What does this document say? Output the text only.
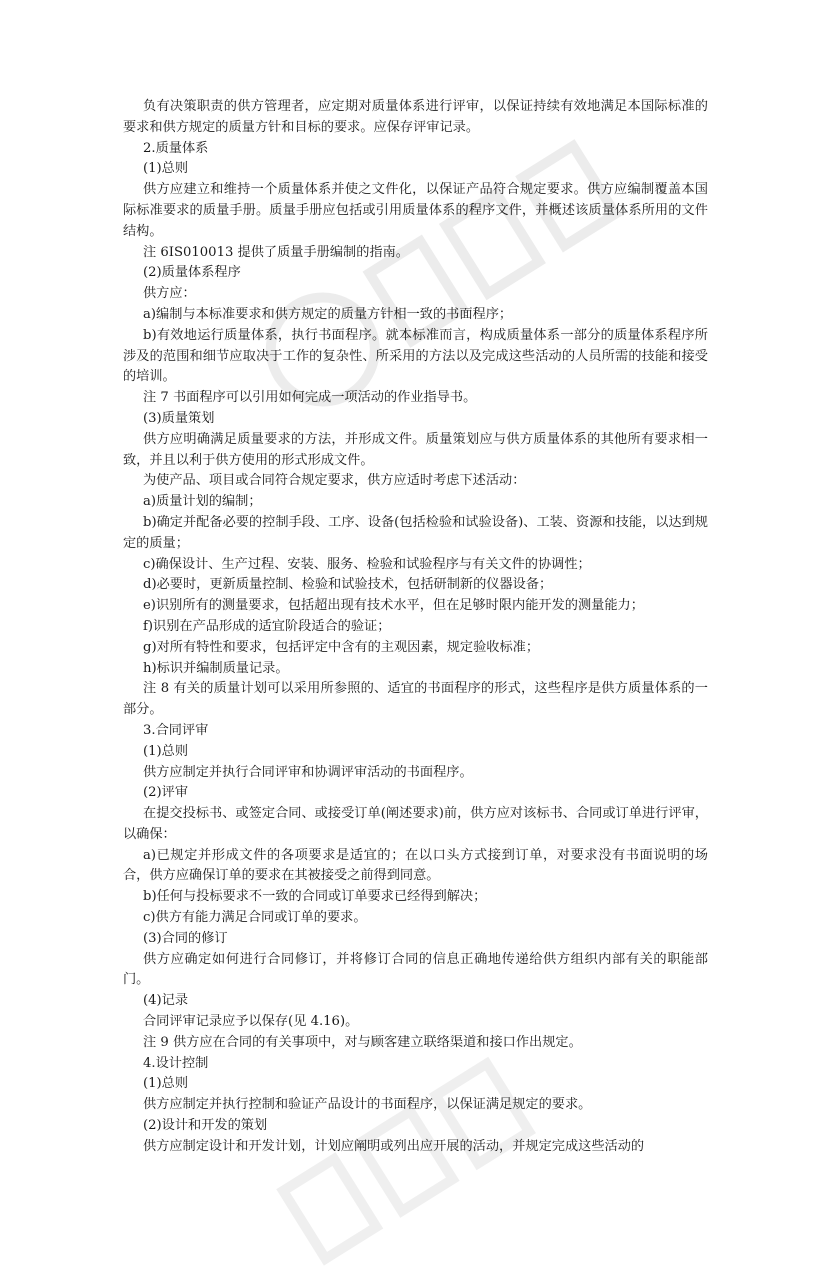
负有决策职责的供方管理者，应定期对质量体系进行评审，以保证持续有效地满足本国际标准的要求和供方规定的质量方针和目标的要求。应保存评审记录。

2.质量体系

(1)总则

供方应建立和维持一个质量体系并使之文件化，以保证产品符合规定要求。供方应编制覆盖本国际标准要求的质量手册。质量手册应包括或引用质量体系的程序文件，并概述该质量体系所用的文件结构。

注 6IS010013 提供了质量手册编制的指南。

(2)质量体系程序

供方应：

a)编制与本标准要求和供方规定的质量方针相一致的书面程序；

b)有效地运行质量体系，执行书面程序。就本标准而言，构成质量体系一部分的质量体系程序所涉及的范围和细节应取决于工作的复杂性、所采用的方法以及完成这些活动的人员所需的技能和接受的培训。

注 7 书面程序可以引用如何完成一项活动的作业指导书。

(3)质量策划

供方应明确满足质量要求的方法，并形成文件。质量策划应与供方质量体系的其他所有要求相一致，并且以利于供方使用的形式形成文件。

为使产品、项目或合同符合规定要求，供方应适时考虑下述活动：

a)质量计划的编制；

b)确定并配备必要的控制手段、工序、设备(包括检验和试验设备)、工装、资源和技能，以达到规定的质量；

c)确保设计、生产过程、安装、服务、检验和试验程序与有关文件的协调性；

d)必要时，更新质量控制、检验和试验技术，包括研制新的仪器设备；

e)识别所有的测量要求，包括超出现有技术水平，但在足够时限内能开发的测量能力；

f)识别在产品形成的适宜阶段适合的验证；

g)对所有特性和要求，包括评定中含有的主观因素，规定验收标准；

h)标识并编制质量记录。

注 8 有关的质量计划可以采用所参照的、适宜的书面程序的形式，这些程序是供方质量体系的一部分。

3.合同评审

(1)总则

供方应制定并执行合同评审和协调评审活动的书面程序。

(2)评审

在提交投标书、或签定合同、或接受订单(阐述要求)前，供方应对该标书、合同或订单进行评审，以确保：

a)已规定并形成文件的各项要求是适宜的；在以口头方式接到订单，对要求没有书面说明的场合，供方应确保订单的要求在其被接受之前得到同意。

b)任何与投标要求不一致的合同或订单要求已经得到解决；

c)供方有能力满足合同或订单的要求。

(3)合同的修订

供方应确定如何进行合同修订，并将修订合同的信息正确地传递给供方组织内部有关的职能部门。

(4)记录

合同评审记录应予以保存(见 4.16)。

注 9 供方应在合同的有关事项中，对与顾客建立联络渠道和接口作出规定。

4.设计控制

(1)总则

供方应制定并执行控制和验证产品设计的书面程序，以保证满足规定的要求。

(2)设计和开发的策划

供方应制定设计和开发计划，计划应阐明或列出应开展的活动，并规定完成这些活动的
